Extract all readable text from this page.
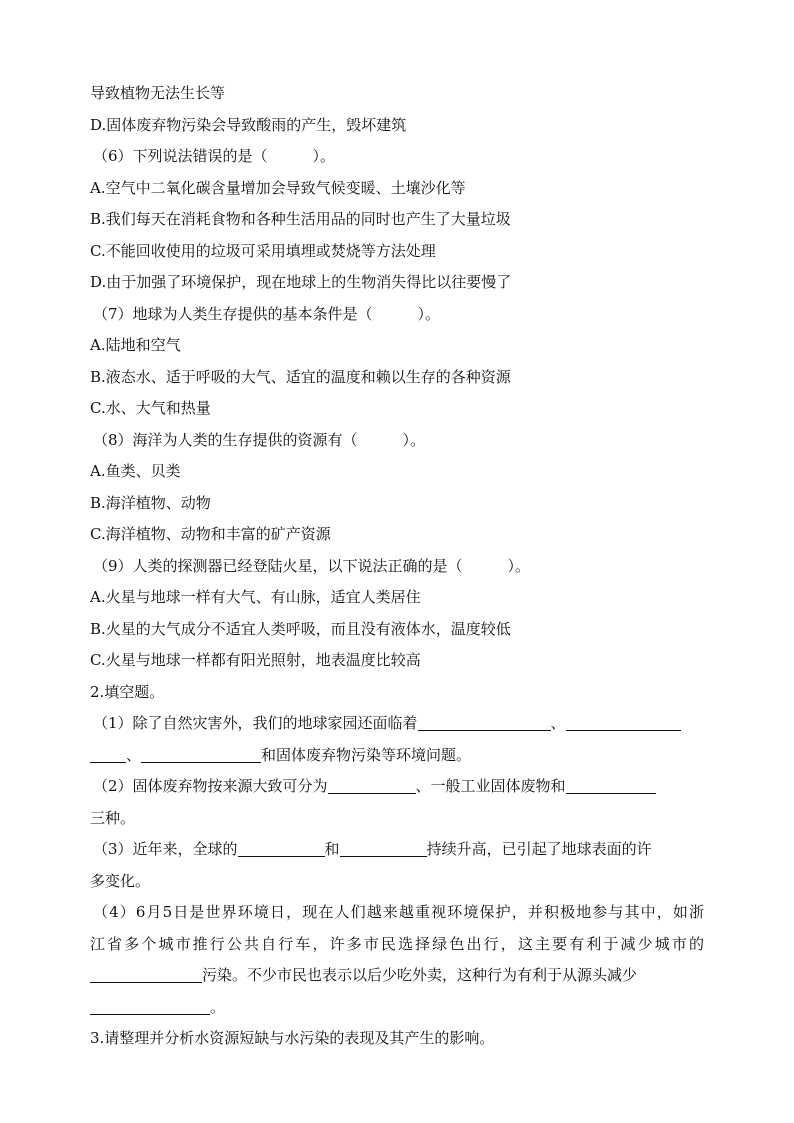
导致植物无法生长等
D.固体废弃物污染会导致酸雨的产生，毁坏建筑
（6）下列说法错误的是（　　　）。
A.空气中二氧化碳含量增加会导致气候变暖、土壤沙化等
B.我们每天在消耗食物和各种生活用品的同时也产生了大量垃圾
C.不能回收使用的垃圾可采用填埋或焚烧等方法处理
D.由于加强了环境保护，现在地球上的生物消失得比以往要慢了
（7）地球为人类生存提供的基本条件是（　　　）。
A.陆地和空气
B.液态水、适于呼吸的大气、适宜的温度和赖以生存的各种资源
C.水、大气和热量
（8）海洋为人类的生存提供的资源有（　　　）。
A.鱼类、贝类
B.海洋植物、动物
C.海洋植物、动物和丰富的矿产资源
（9）人类的探测器已经登陆火星，以下说法正确的是（　　　）。
A.火星与地球一样有大气、有山脉，适宜人类居住
B.火星的大气成分不适宜人类呼吸，而且没有液体水，温度较低
C.火星与地球一样都有阳光照射，地表温度比较高
2.填空题。
（1）除了自然灾害外，我们的地球家园还面临着	、
、	和固体废弃物污染等环境问题。
（2）固体废弃物按来源大致可分为	、一般工业固体废物和
三种。
（3）近年来，全球的	和	持续升高，已引起了地球表面的许
多变化。
（4）6月5日是世界环境日，现在人们越来越重视环境保护，并积极地参与其中，如浙
江省多个城市推行公共自行车，许多市民选择绿色出行，这主要有利于减少城市的
污染。不少市民也表示以后少吃外卖，这种行为有利于从源头减少
。
3.请整理并分析水资源短缺与水污染的表现及其产生的影响。
